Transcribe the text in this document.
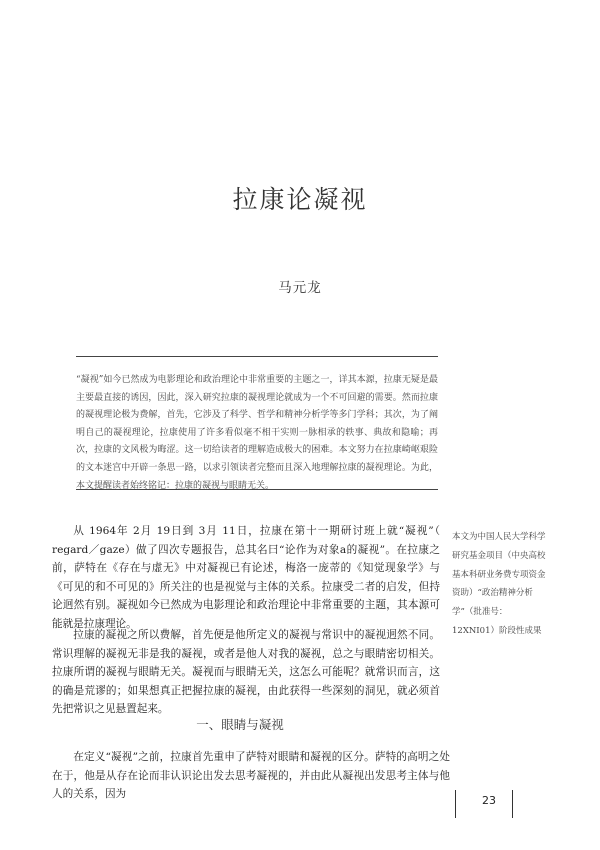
拉康论凝视
马元龙

“凝视”如今已然成为电影理论和政治理论中非常重要的主题之一，详其本源，拉康无疑是最主要最直接的诱因，因此，深入研究拉康的凝视理论就成为一个不可回避的需要。然而拉康的凝视理论极为费解，首先，它涉及了科学、哲学和精神分析学等多门学科；其次，为了阐明自己的凝视理论，拉康使用了许多看似毫不相干实则一脉相承的轶事、典故和隐喻；再次，拉康的文风极为晦涩。这一切给读者的理解造成极大的困难。本文努力在拉康崎岖艰险的文本迷宫中开辟一条思一路，以求引领读者完整而且深入地理解拉康的凝视理论。为此，本文提醒读者始终铭记：拉康的凝视与眼睛无关。

从 1964年 2月 19日到 3月 11日，拉康在第十一期研讨班上就“凝视”（ regard／gaze）做了四次专题报告，总其名曰“论作为对象a的凝视”。在拉康之前，萨特在《存在与虚无》中对凝视已有论述，梅洛一庞蒂的《知觉现象学》与《可见的和不可见的》所关注的也是视觉与主体的关系。拉康受二者的启发，但持论迥然有别。凝视如今已然成为电影理论和政治理论中非常重要的主题，其本源可能就是拉康理论。

拉康的凝视之所以费解，首先便是他所定义的凝视与常识中的凝视迥然不同。常识理解的凝视无非是我的凝视，或者是他人对我的凝视，总之与眼睛密切相关。拉康所谓的凝视与眼睛无关。凝视而与眼睛无关，这怎么可能呢？就常识而言，这的确是荒谬的；如果想真正把握拉康的凝视，由此获得一些深刻的洞见，就必须首先把常识之见悬置起来。

一、眼睛与凝视

在定义“凝视”之前，拉康首先重申了萨特对眼睛和凝视的区分。萨特的高明之处在于，他是从存在论而非认识论出发去思考凝视的，并由此从凝视出发思考主体与他人的关系，因为

本文为中国人民大学科学研究基金项目（中央高校基本科研业务费专项资金资助）“政治精神分析学”（批准号：12XNI01）阶段性成果

23
